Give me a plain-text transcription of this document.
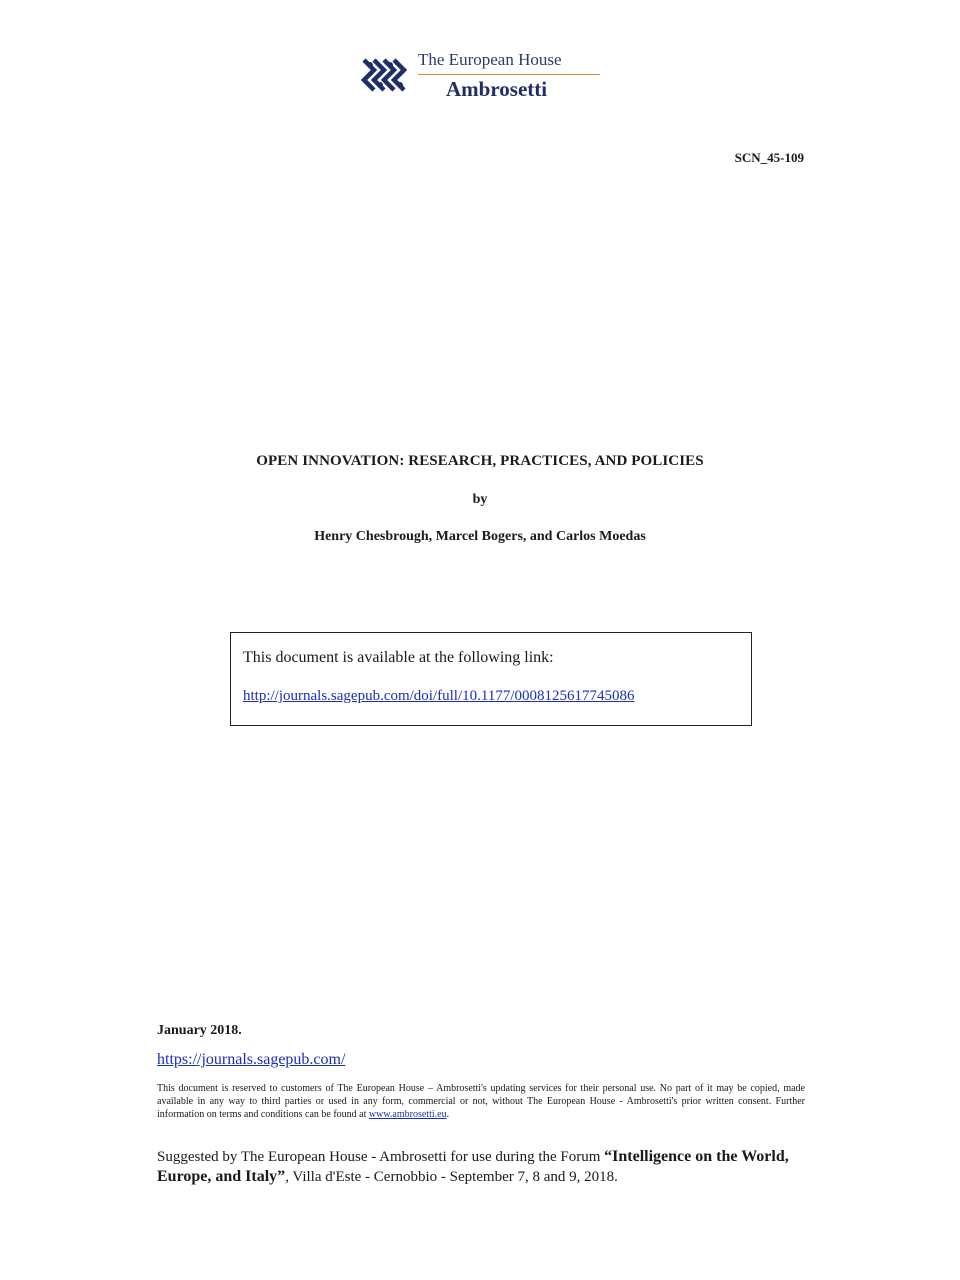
The European House
Ambrosetti
SCN_45-109
OPEN INNOVATION: RESEARCH, PRACTICES, AND POLICIES
by
Henry Chesbrough, Marcel Bogers, and Carlos Moedas
This document is available at the following link:
http://journals.sagepub.com/doi/full/10.1177/0008125617745086
January 2018.
https://journals.sagepub.com/
This document is reserved to customers of The European House – Ambrosetti's updating services for their personal use. No part of it may be copied, made available in any way to third parties or used in any form, commercial or not, without The European House - Ambrosetti's prior written consent. Further information on terms and conditions can be found at www.ambrosetti.eu.
Suggested by The European House - Ambrosetti for use during the Forum “Intelligence on the World, Europe, and Italy”, Villa d'Este - Cernobbio - September 7, 8 and 9, 2018.
